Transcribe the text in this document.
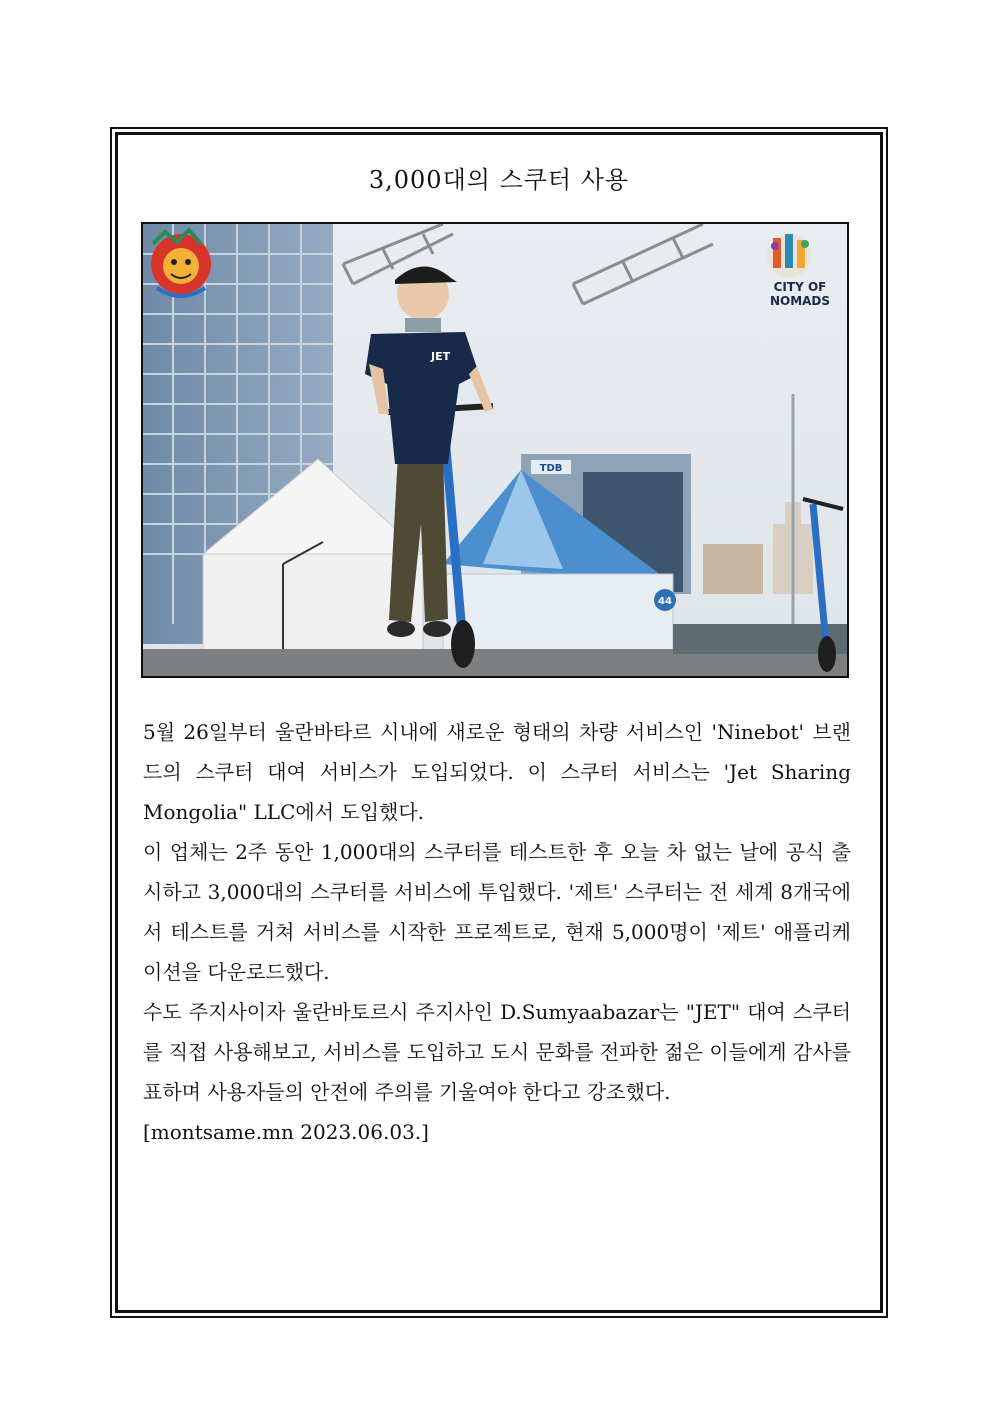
3,000대의 스쿠터 사용
TDB
44
JET
CITY OF
NOMADS

5월 26일부터 울란바타르 시내에 새로운 형태의 차량 서비스인 'Ninebot' 브랜드의 스쿠터 대여 서비스가 도입되었다. 이 스쿠터 서비스는 'Jet Sharing Mongolia" LLC에서 도입했다.

이 업체는 2주 동안 1,000대의 스쿠터를 테스트한 후 오늘 차 없는 날에 공식 출시하고 3,000대의 스쿠터를 서비스에 투입했다. '제트' 스쿠터는 전 세계 8개국에서 테스트를 거쳐 서비스를 시작한 프로젝트로, 현재 5,000명이 '제트' 애플리케이션을 다운로드했다.

수도 주지사이자 울란바토르시 주지사인 D.Sumyaabazar는 "JET" 대여 스쿠터를 직접 사용해보고, 서비스를 도입하고 도시 문화를 전파한 젊은 이들에게 감사를 표하며 사용자들의 안전에 주의를 기울여야 한다고 강조했다.

[montsame.mn 2023.06.03.]
